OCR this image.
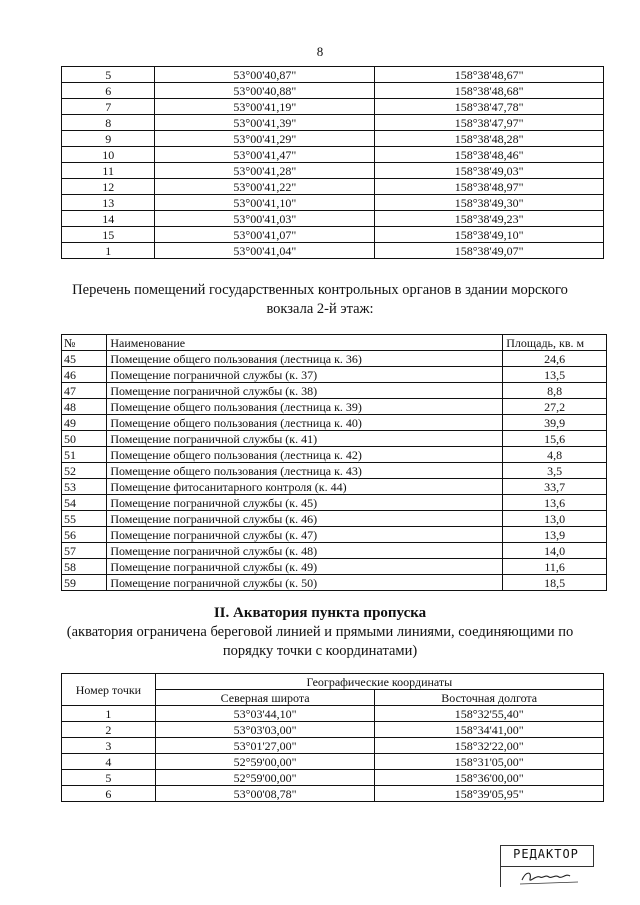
8
5	53°00'40,87"	158°38'48,67"
6	53°00'40,88"	158°38'48,68"
7	53°00'41,19"	158°38'47,78"
8	53°00'41,39"	158°38'47,97"
9	53°00'41,29"	158°38'48,28"
10	53°00'41,47"	158°38'48,46"
11	53°00'41,28"	158°38'49,03"
12	53°00'41,22"	158°38'48,97"
13	53°00'41,10"	158°38'49,30"
14	53°00'41,03"	158°38'49,23"
15	53°00'41,07"	158°38'49,10"
1	53°00'41,04"	158°38'49,07"
Перечень помещений государственных контрольных органов в здании морского
вокзала 2-й этаж:
№	Наименование	Площадь, кв. м
45	Помещение общего пользования (лестница к. 36)	24,6
46	Помещение пограничной службы (к. 37)	13,5
47	Помещение пограничной службы (к. 38)	8,8
48	Помещение общего пользования (лестница к. 39)	27,2
49	Помещение общего пользования (лестница к. 40)	39,9
50	Помещение пограничной службы (к. 41)	15,6
51	Помещение общего пользования (лестница к. 42)	4,8
52	Помещение общего пользования (лестница к. 43)	3,5
53	Помещение фитосанитарного контроля (к. 44)	33,7
54	Помещение пограничной службы (к. 45)	13,6
55	Помещение пограничной службы (к. 46)	13,0
56	Помещение пограничной службы (к. 47)	13,9
57	Помещение пограничной службы (к. 48)	14,0
58	Помещение пограничной службы (к. 49)	11,6
59	Помещение пограничной службы (к. 50)	18,5
II. Акватория пункта пропуска
(акватория ограничена береговой линией и прямыми линиями, соединяющими по
порядку точки с координатами)
Номер точки	Географические координаты	
	Северная широта	Восточная долгота
1	53°03'44,10"	158°32'55,40"
2	53°03'03,00"	158°34'41,00"
3	53°01'27,00"	158°32'22,00"
4	52°59'00,00"	158°31'05,00"
5	52°59'00,00"	158°36'00,00"
6	53°00'08,78"	158°39'05,95"
РЕДАКТОР
